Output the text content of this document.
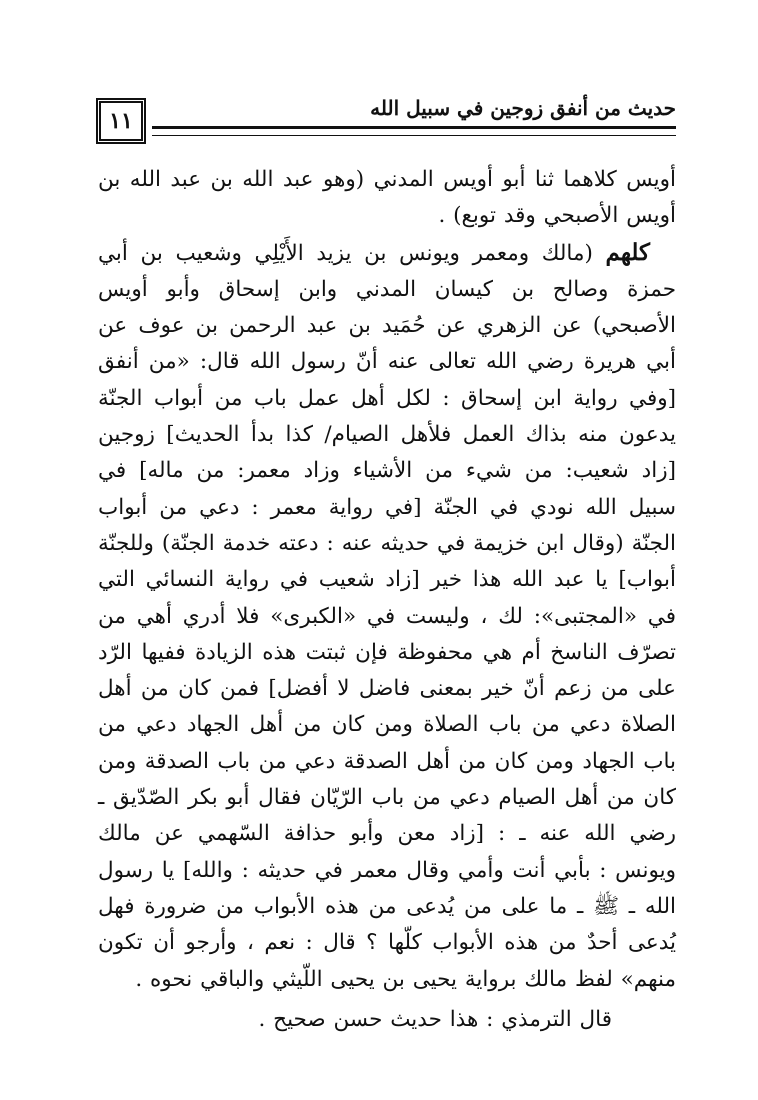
١١	حديث من أنفق زوجين في سبيل الله

أويس كلاهما ثنا أبو أويس المدني (وهو عبد الله بن عبد الله بن أويس الأصبحي وقد توبع) .

كلهم (مالك ومعمر ويونس بن يزيد الأَيْلِي وشعيب بن أبي حمزة وصالح بن كيسان المدني وابن إسحاق وأبو أويس الأصبحي) عن الزهري عن حُمَيد بن عبد الرحمن بن عوف عن أبي هريرة رضي الله تعالى عنه أنّ رسول الله قال: «من أنفق [وفي رواية ابن إسحاق : لكل أهل عمل باب من أبواب الجنّة يدعون منه بذاك العمل فلأهل الصيام/ كذا بدأ الحديث] زوجين [زاد شعيب: من شيء من الأشياء وزاد معمر: من ماله] في سبيل الله نودي في الجنّة [في رواية معمر : دعي من أبواب الجنّة (وقال ابن خزيمة في حديثه عنه : دعته خدمة الجنّة) وللجنّة أبواب] يا عبد الله هذا خير [زاد شعيب في رواية النسائي التي في «المجتبى»: لك ، وليست في «الكبرى» فلا أدري أهي من تصرّف الناسخ أم هي محفوظة فإن ثبتت هذه الزيادة ففيها الرّد على من زعم أنّ خير بمعنى فاضل لا أفضل] فمن كان من أهل الصلاة دعي من باب الصلاة ومن كان من أهل الجهاد دعي من باب الجهاد ومن كان من أهل الصدقة دعي من باب الصدقة ومن كان من أهل الصيام دعي من باب الرّيّان فقال أبو بكر الصّدّيق ـ رضي الله عنه ـ : [زاد معن وأبو حذافة السّهمي عن مالك ويونس : بأبي أنت وأمي وقال معمر في حديثه : والله] يا رسول الله ـ ﷺ ـ ما على من يُدعى من هذه الأبواب من ضرورة فهل يُدعى أحدٌ من هذه الأبواب كلّها ؟ قال : نعم ، وأرجو أن تكون منهم» لفظ مالك برواية يحيى بن يحيى اللّيثي والباقي نحوه .

قال الترمذي : هذا حديث حسن صحيح .
